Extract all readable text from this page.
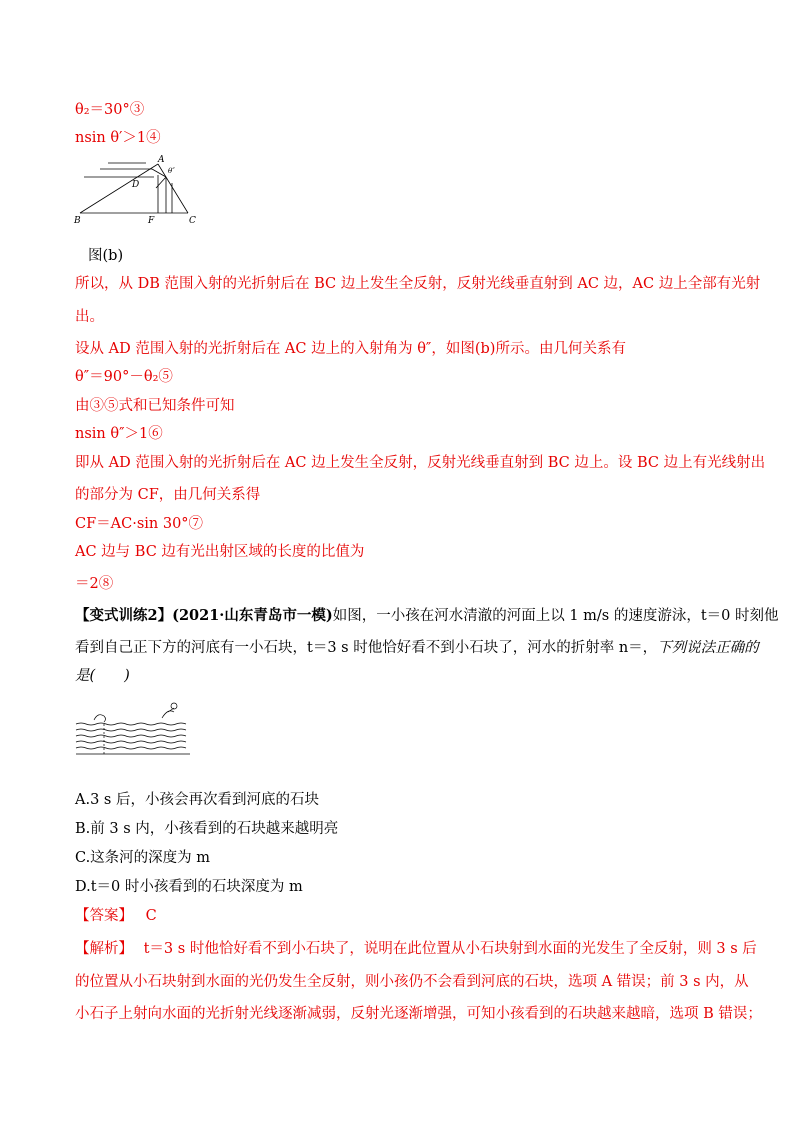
θ₂＝30°③
nsin θ′＞1④
A
D
B	C
F
θ″
图(b)
所以，从 DB 范围入射的光折射后在 BC 边上发生全反射，反射光线垂直射到 AC 边，AC 边上全部有光射
出。
设从 AD 范围入射的光折射后在 AC 边上的入射角为 θ″，如图(b)所示。由几何关系有
θ″＝90°－θ₂⑤
由③⑤式和已知条件可知
nsin θ″＞1⑥
即从 AD 范围入射的光折射后在 AC 边上发生全反射，反射光线垂直射到 BC 边上。设 BC 边上有光线射出
的部分为 CF，由几何关系得
CF＝AC·sin 30°⑦
AC 边与 BC 边有光出射区域的长度的比值为
＝2⑧
【变式训练2】(2021·山东青岛市一模)如图，一小孩在河水清澈的河面上以 1 m/s 的速度游泳，t＝0 时刻他
看到自己正下方的河底有一小石块，t＝3 s 时他恰好看不到小石块了，河水的折射率 n＝，下列说法正确的
是(　　)
A.3 s 后，小孩会再次看到河底的石块
B.前 3 s 内，小孩看到的石块越来越明亮
C.这条河的深度为 m
D.t＝0 时小孩看到的石块深度为 m
【答案】 C
【解析】 t＝3 s 时他恰好看不到小石块了，说明在此位置从小石块射到水面的光发生了全反射，则 3 s 后
的位置从小石块射到水面的光仍发生全反射，则小孩仍不会看到河底的石块，选项 A 错误；前 3 s 内，从
小石子上射向水面的光折射光线逐渐减弱，反射光逐渐增强，可知小孩看到的石块越来越暗，选项 B 错误；
